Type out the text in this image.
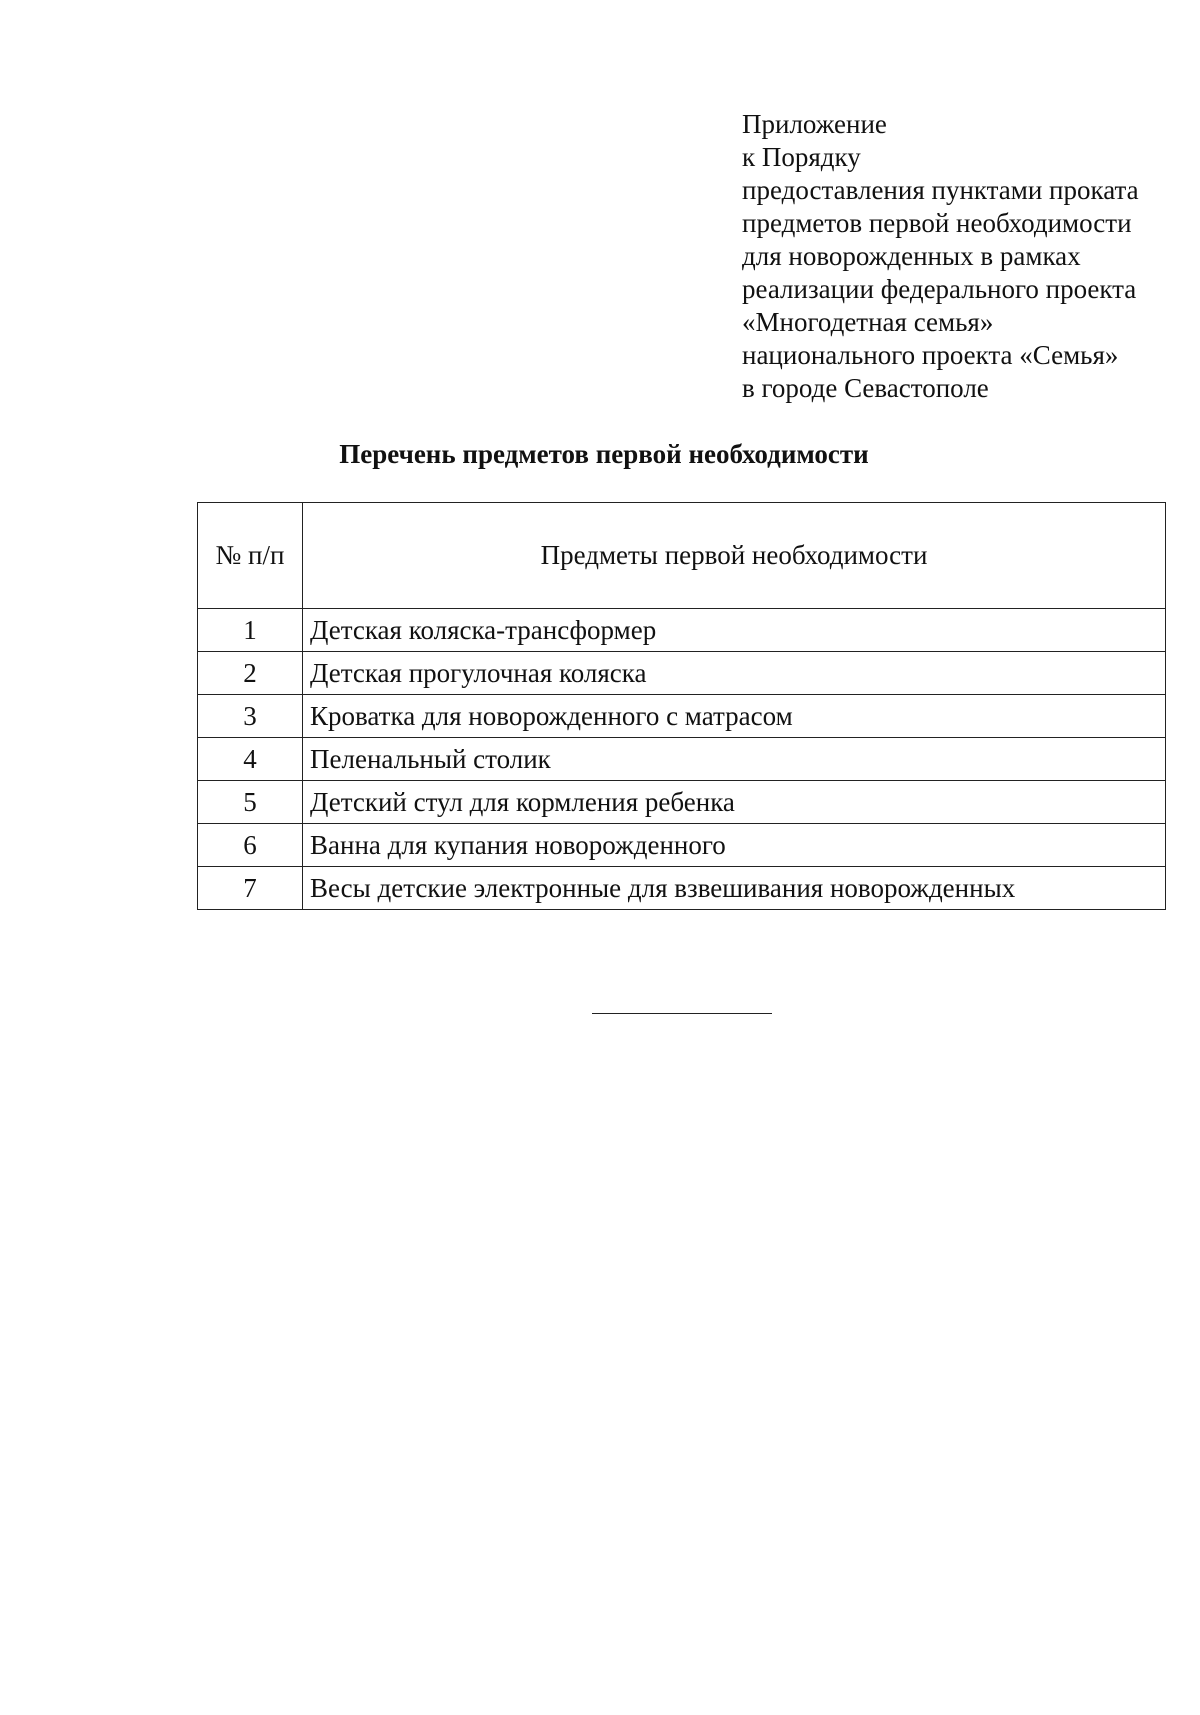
Приложение
к Порядку
предоставления пунктами проката
предметов первой необходимости
для новорожденных в рамках
реализации федерального проекта
«Многодетная семья»
национального проекта «Семья»
в городе Севастополе
Перечень предметов первой необходимости
№ п/п	Предметы первой необходимости
1	Детская коляска-трансформер
2	Детская прогулочная коляска
3	Кроватка для новорожденного с матрасом
4	Пеленальный столик
5	Детский стул для кормления ребенка
6	Ванна для купания новорожденного
7	Весы детские электронные для взвешивания новорожденных
